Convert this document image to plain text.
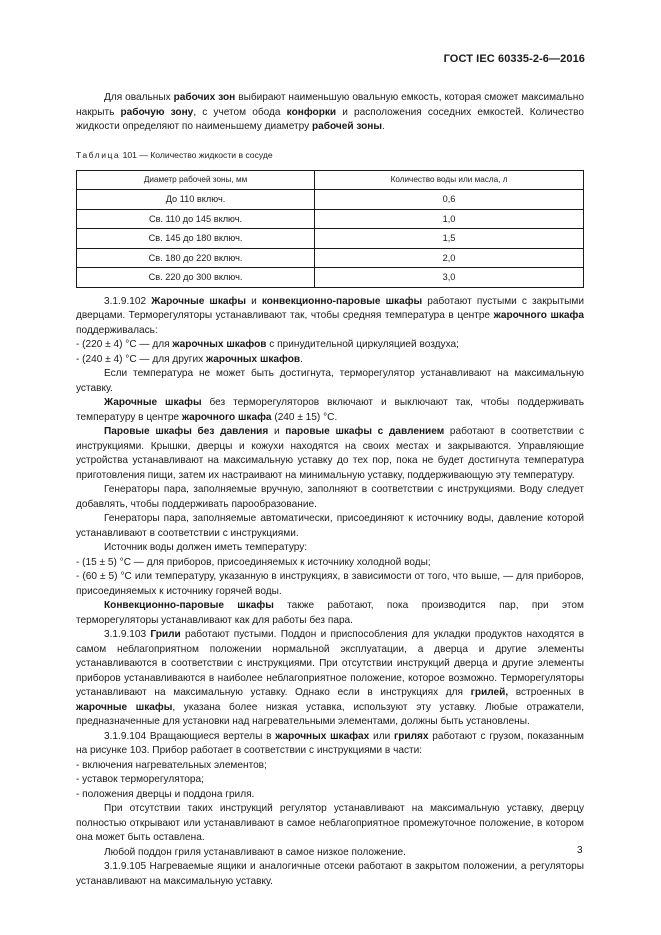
ГОСТ IEC 60335-2-6—2016

Для овальных рабочих зон выбирают наименьшую овальную емкость, которая сможет максимально накрыть рабочую зону, с учетом обода конфорки и расположения соседних емкостей. Количество жидкости определяют по наименьшему диаметру рабочей зоны.

Таблица 101 — Количество жидкости в сосуде

Диаметр рабочей зоны, мм	Количество воды или масла, л
До 110 включ.	0,6
Св. 110 до 145 включ.	1,0
Св. 145 до 180 включ.	1,5
Св. 180 до 220 включ.	2,0
Св. 220 до 300 включ.	3,0

3.1.9.102 Жарочные шкафы и конвекционно-паровые шкафы работают пустыми с закрытыми дверцами. Терморегуляторы устанавливают так, чтобы средняя температура в центре жарочного шкафа поддерживалась:

- (220 ± 4) °С — для жарочных шкафов с принудительной циркуляцией воздуха;

- (240 ± 4) °С — для других жарочных шкафов.

Если температура не может быть достигнута, терморегулятор устанавливают на максимальную уставку.

Жарочные шкафы без терморегуляторов включают и выключают так, чтобы поддерживать температуру в центре жарочного шкафа (240 ± 15) °С.

Паровые шкафы без давления и паровые шкафы с давлением работают в соответствии с инструкциями. Крышки, дверцы и кожухи находятся на своих местах и закрываются. Управляющие устройства устанавливают на максимальную уставку до тех пор, пока не будет достигнута температура приготовления пищи, затем их настраивают на минимальную уставку, поддерживающую эту температуру.

Генераторы пара, заполняемые вручную, заполняют в соответствии с инструкциями. Воду следует добавлять, чтобы поддерживать парообразование.

Генераторы пара, заполняемые автоматически, присоединяют к источнику воды, давление которой устанавливают в соответствии с инструкциями.

Источник воды должен иметь температуру:

- (15 ± 5) °С — для приборов, присоединяемых к источнику холодной воды;

- (60 ± 5) °С или температуру, указанную в инструкциях, в зависимости от того, что выше, — для приборов, присоединяемых к источнику горячей воды.

Конвекционно-паровые шкафы также работают, пока производится пар, при этом терморегуляторы устанавливают как для работы без пара.

3.1.9.103 Грили работают пустыми. Поддон и приспособления для укладки продуктов находятся в самом неблагоприятном положении нормальной эксплуатации, а дверца и другие элементы устанавливаются в соответствии с инструкциями. При отсутствии инструкций дверца и другие элементы приборов устанавливаются в наиболее неблагоприятное положение, которое возможно. Терморегуляторы устанавливают на максимальную уставку. Однако если в инструкциях для грилей, встроенных в жарочные шкафы, указана более низкая уставка, используют эту уставку. Любые отражатели, предназначенные для установки над нагревательными элементами, должны быть установлены.

3.1.9.104 Вращающиеся вертелы в жарочных шкафах или грилях работают с грузом, показанным на рисунке 103. Прибор работает в соответствии с инструкциями в части:

- включения нагревательных элементов;

- уставок терморегулятора;

- положения дверцы и поддона гриля.

При отсутствии таких инструкций регулятор устанавливают на максимальную уставку, дверцу полностью открывают или устанавливают в самое неблагоприятное промежуточное положение, в котором она может быть оставлена.

Любой поддон гриля устанавливают в самое низкое положение.

3.1.9.105 Нагреваемые ящики и аналогичные отсеки работают в закрытом положении, а регуляторы устанавливают на максимальную уставку.

3
